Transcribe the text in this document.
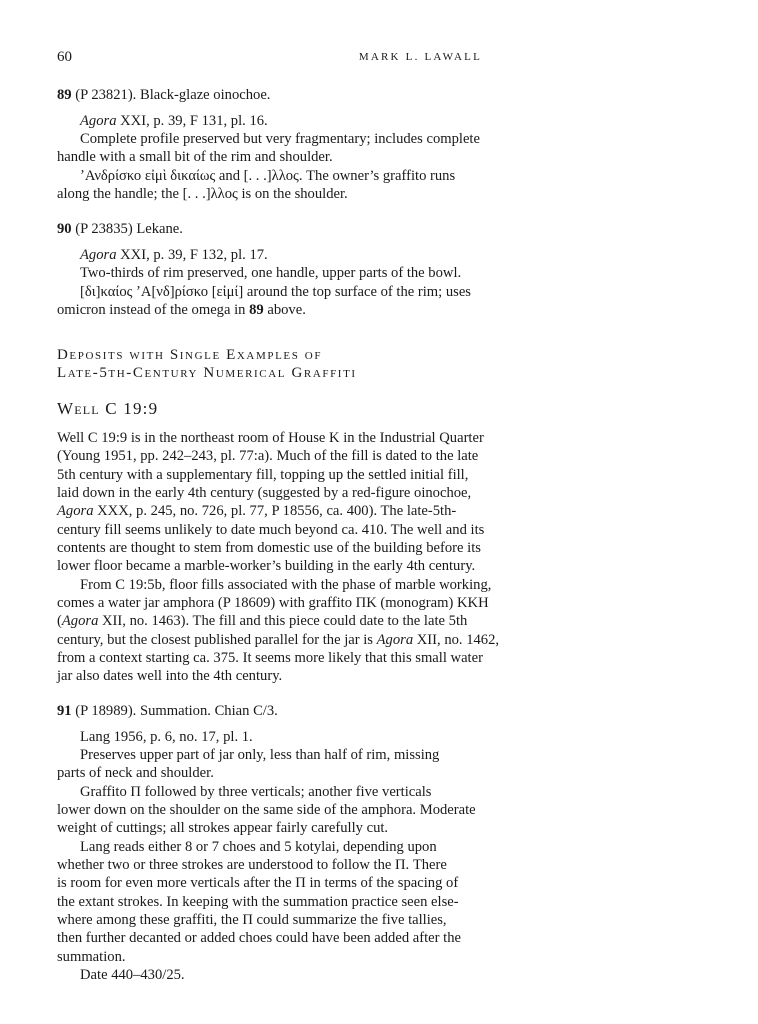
60	MARK L. LAWALL
89 (P 23821). Black-glaze oinochoe.
Agora XXI, p. 39, F 131, pl. 16.
Complete profile preserved but very fragmentary; includes complete
handle with a small bit of the rim and shoulder.
ʼΑνδρίσκο εἰμὶ δικαίως and [. . .]λλος. The owner’s graffito runs
along the handle; the [. . .]λλος is on the shoulder.
90 (P 23835) Lekane.
Agora XXI, p. 39, F 132, pl. 17.
Two-thirds of rim preserved, one handle, upper parts of the bowl.
[δι]καίος ʼΑ[νδ]ρίσκο [εἰμί] around the top surface of the rim; uses
omicron instead of the omega in 89 above.
Deposits with Single Examples of
Late-5th-Century Numerical Graffiti
Well C 19:9
Well C 19:9 is in the northeast room of House K in the Industrial Quarter
(Young 1951, pp. 242–243, pl. 77:a). Much of the fill is dated to the late
5th century with a supplementary fill, topping up the settled initial fill,
laid down in the early 4th century (suggested by a red-figure oinochoe,
Agora XXX, p. 245, no. 726, pl. 77, P 18556, ca. 400). The late-5th-
century fill seems unlikely to date much beyond ca. 410. The well and its
contents are thought to stem from domestic use of the building before its
lower floor became a marble-worker’s building in the early 4th century.
From C 19:5b, floor fills associated with the phase of marble working,
comes a water jar amphora (P 18609) with graffito ΠΚ (monogram) ΚΚΗ
(Agora XII, no. 1463). The fill and this piece could date to the late 5th
century, but the closest published parallel for the jar is Agora XII, no. 1462,
from a context starting ca. 375. It seems more likely that this small water
jar also dates well into the 4th century.
91 (P 18989). Summation. Chian C/3.
Lang 1956, p. 6, no. 17, pl. 1.
Preserves upper part of jar only, less than half of rim, missing
parts of neck and shoulder.
Graffito Π followed by three verticals; another five verticals
lower down on the shoulder on the same side of the amphora. Moderate
weight of cuttings; all strokes appear fairly carefully cut.
Lang reads either 8 or 7 choes and 5 kotylai, depending upon
whether two or three strokes are understood to follow the Π. There
is room for even more verticals after the Π in terms of the spacing of
the extant strokes. In keeping with the summation practice seen else-
where among these graffiti, the Π could summarize the five tallies,
then further decanted or added choes could have been added after the
summation.
Date 440–430/25.
